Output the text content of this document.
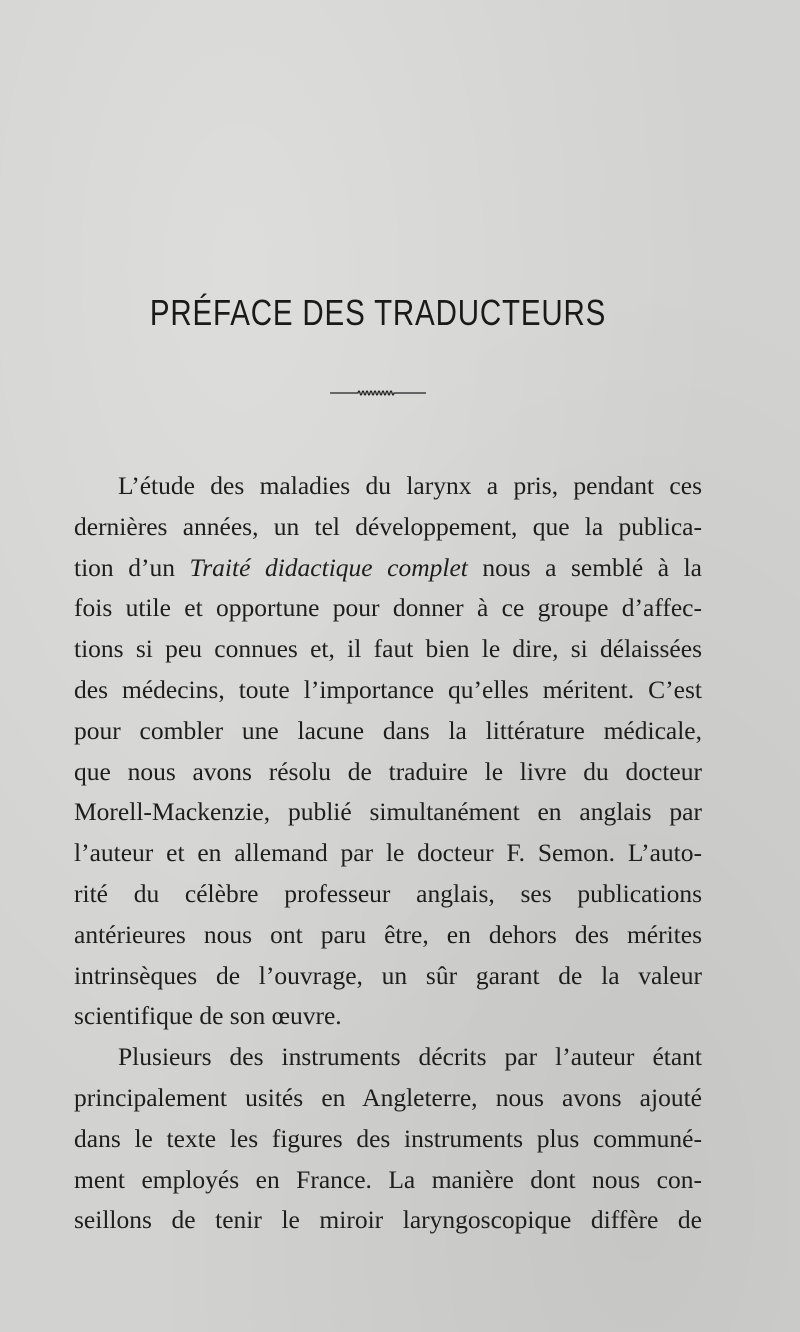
PRÉFACE DES TRADUCTEURS

L’étude des maladies du larynx a pris, pendant ces
dernières années, un tel développement, que la publica-
tion d’un Traité didactique complet nous a semblé à la
fois utile et opportune pour donner à ce groupe d’affec-
tions si peu connues et, il faut bien le dire, si délaissées
des médecins, toute l’importance qu’elles méritent. C’est
pour combler une lacune dans la littérature médicale,
que nous avons résolu de traduire le livre du docteur
Morell-Mackenzie, publié simultanément en anglais par
l’auteur et en allemand par le docteur F. Semon. L’auto-
rité du célèbre professeur anglais, ses publications
antérieures nous ont paru être, en dehors des mérites
intrinsèques de l’ouvrage, un sûr garant de la valeur
scientifique de son œuvre.

Plusieurs des instruments décrits par l’auteur étant
principalement usités en Angleterre, nous avons ajouté
dans le texte les figures des instruments plus communé-
ment employés en France. La manière dont nous con-
seillons de tenir le miroir laryngoscopique diffère de
